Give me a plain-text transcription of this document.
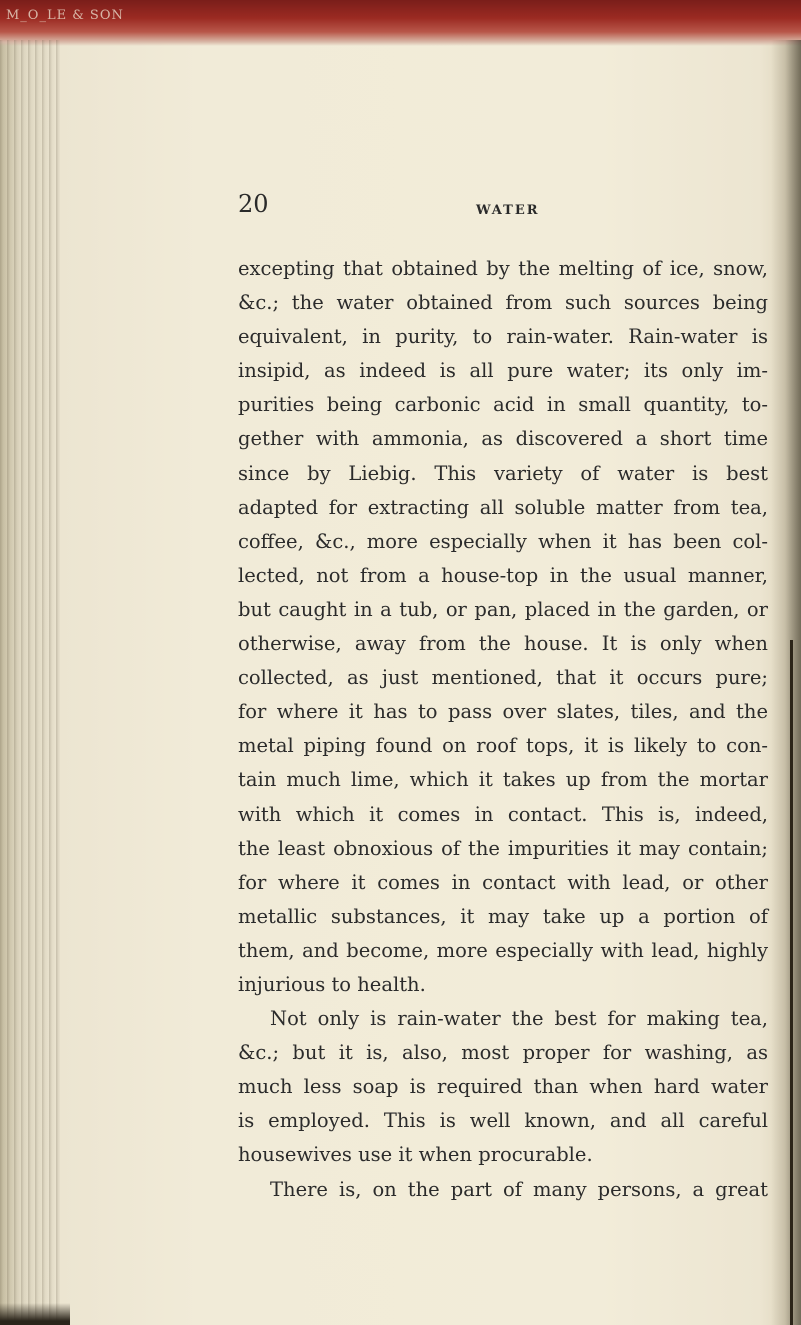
M_O_LE & SON
20	WATER
excepting that obtained by the melting of ice, snow,
&c.; the water obtained from such sources being
equivalent, in purity, to rain-water. Rain-water is
insipid, as indeed is all pure water; its only im-
purities being carbonic acid in small quantity, to-
gether with ammonia, as discovered a short time
since by Liebig. This variety of water is best
adapted for extracting all soluble matter from tea,
coffee, &c., more especially when it has been col-
lected, not from a house-top in the usual manner,
but caught in a tub, or pan, placed in the garden, or
otherwise, away from the house. It is only when
collected, as just mentioned, that it occurs pure;
for where it has to pass over slates, tiles, and the
metal piping found on roof tops, it is likely to con-
tain much lime, which it takes up from the mortar
with which it comes in contact. This is, indeed,
the least obnoxious of the impurities it may contain;
for where it comes in contact with lead, or other
metallic substances, it may take up a portion of
them, and become, more especially with lead, highly
injurious to health.
Not only is rain-water the best for making tea,
&c.; but it is, also, most proper for washing, as
much less soap is required than when hard water
is employed. This is well known, and all careful
housewives use it when procurable.
There is, on the part of many persons, a great
